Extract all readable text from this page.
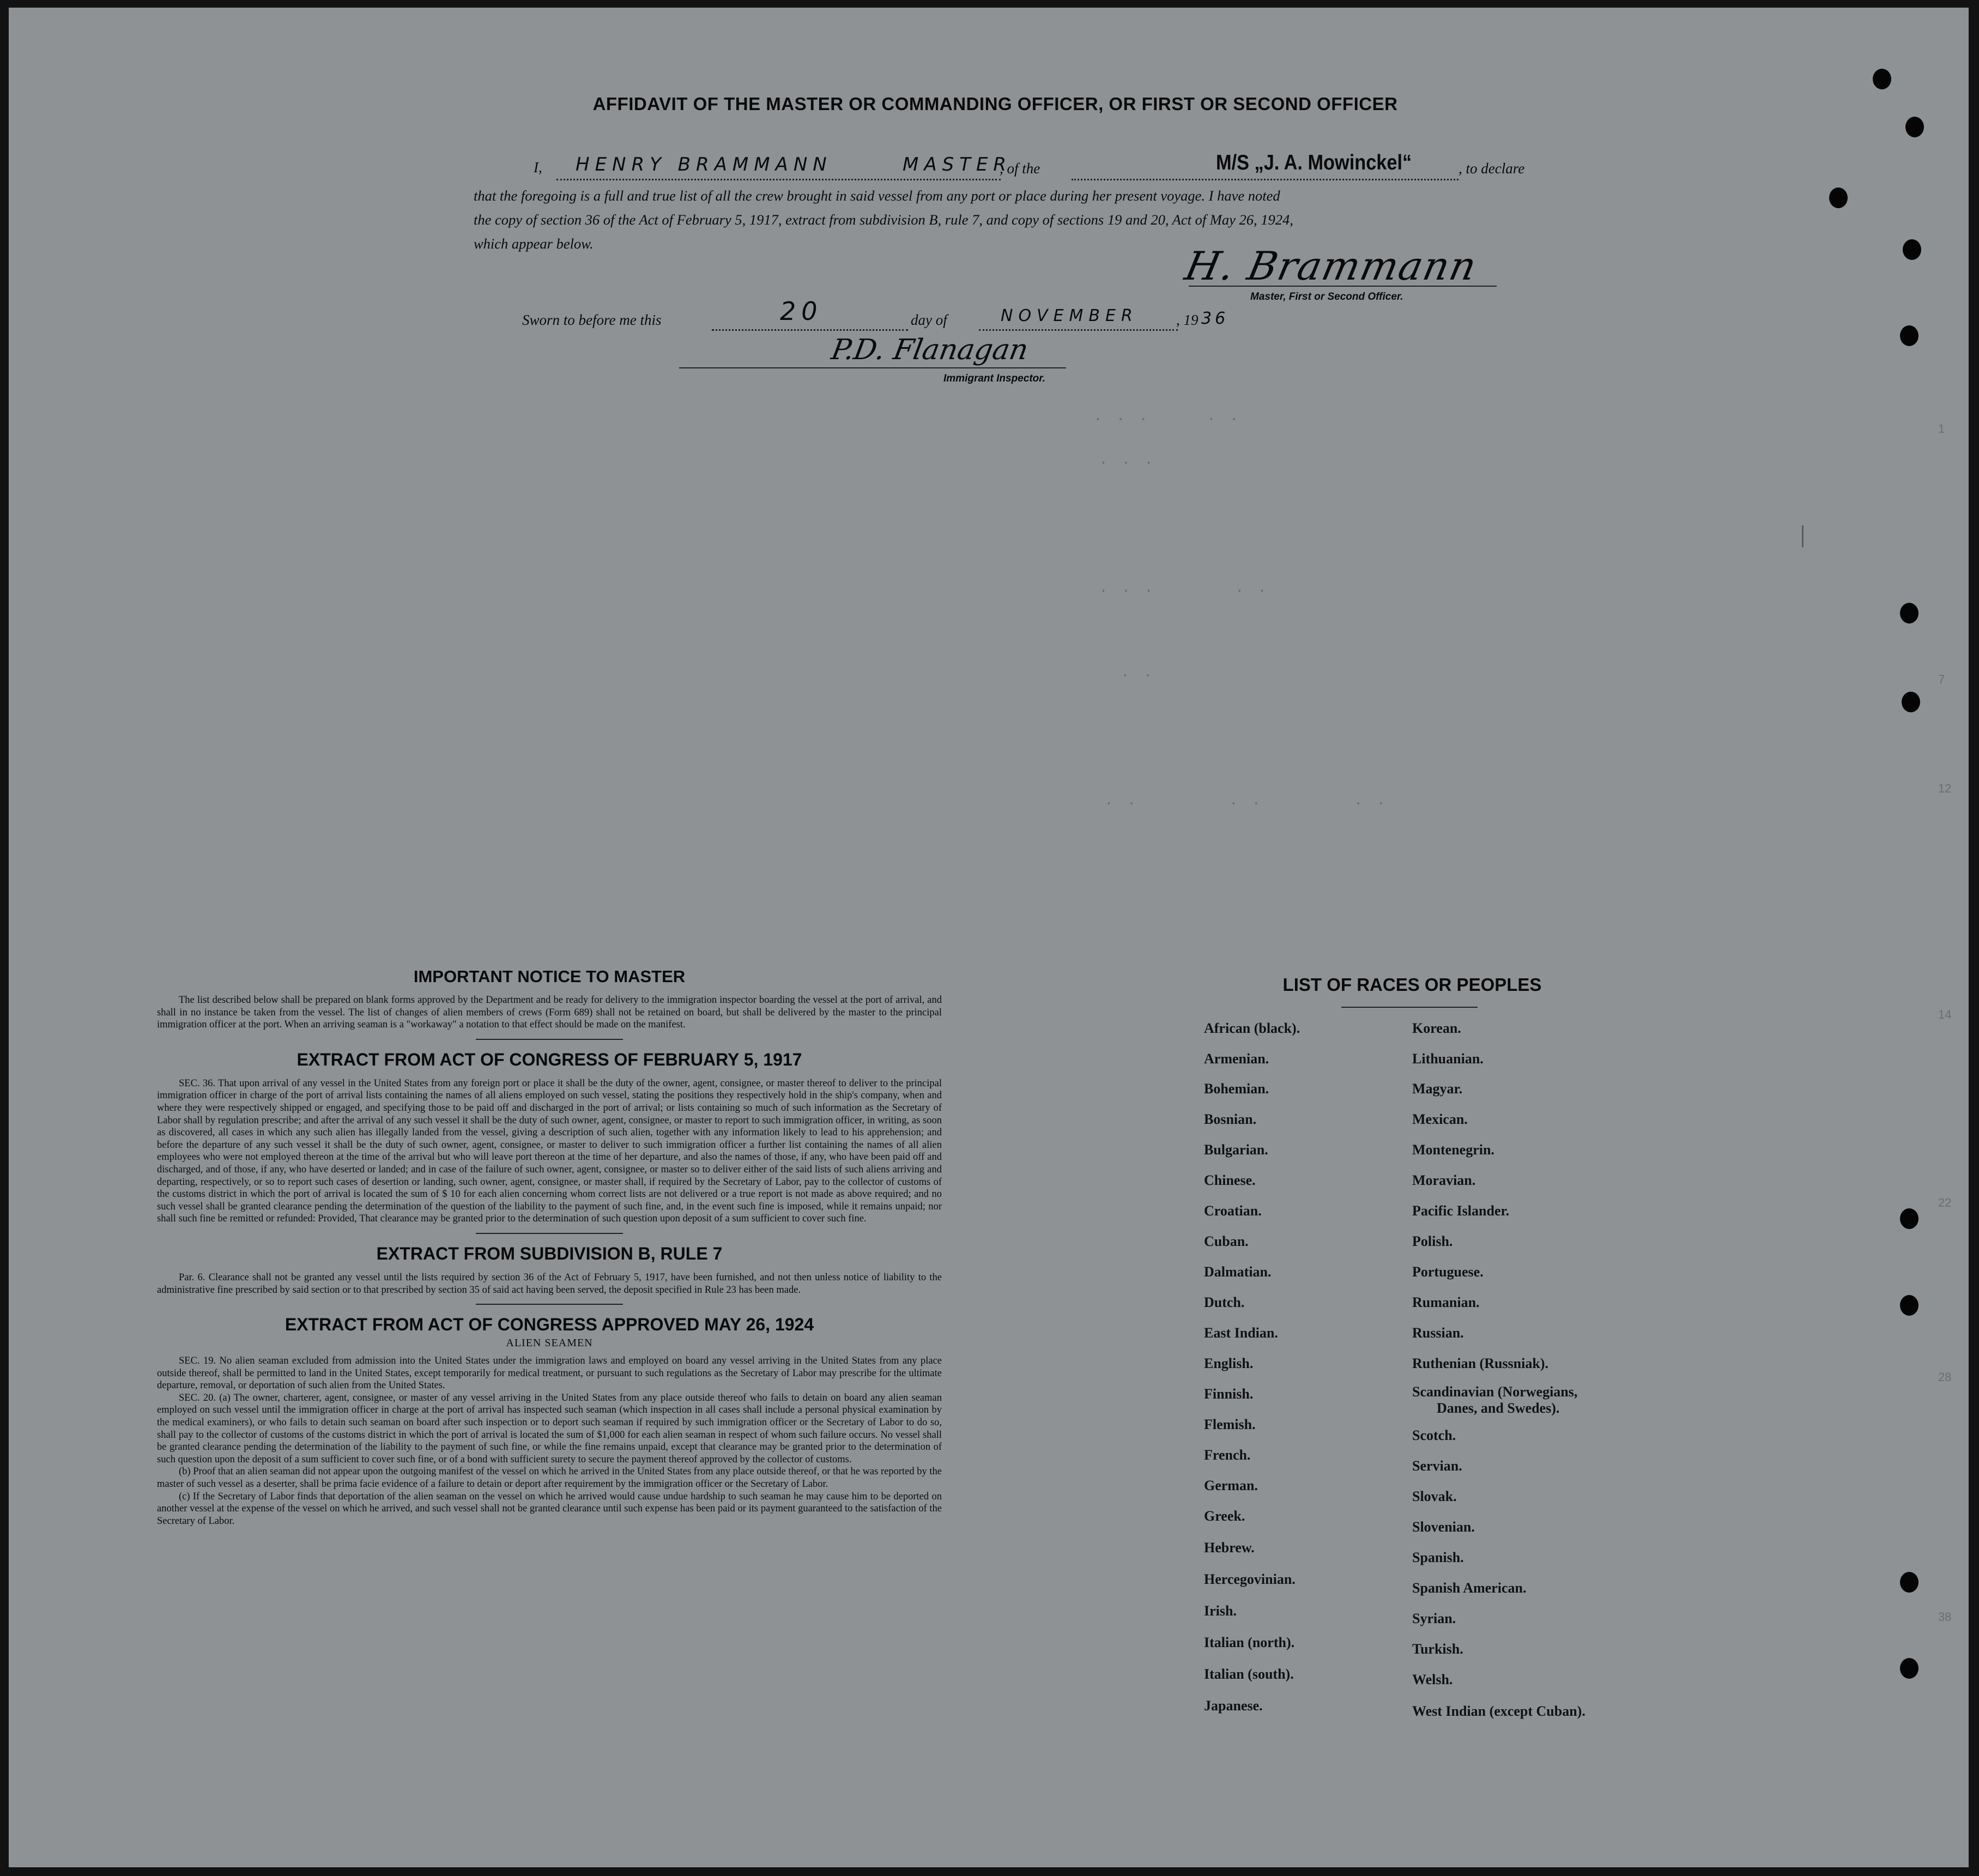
. . .     . .
. . .
. . .       . .
. .
. .        . .        . .
1
7
12
14
22
28
38
AFFIDAVIT OF THE MASTER OR COMMANDING OFFICER, OR FIRST OR SECOND OFFICER
I, HENRY BRAMMANN	MASTER
, of the	M/S „J. A. Mowinckel“	, to declare
that the foregoing is a full and true list of all the crew brought in said vessel from any port or place during her present voyage. I have noted
the copy of section 36 of the Act of February 5, 1917, extract from subdivision B, rule 7, and copy of sections 19 and 20, Act of May 26, 1924,
which appear below.	H. Brammann
Master, First or Second Officer.
Sworn to before me this	20	day of	NOVEMBER	, 19 36
P.D. Flanagan
Immigrant Inspector.
IMPORTANT NOTICE TO MASTER

The list described below shall be prepared on blank forms approved by the Department and be ready for delivery to the immigration inspector boarding the vessel at the port of arrival, and shall in no instance be taken from the vessel. The list of changes of alien members of crews (Form 689) shall not be retained on board, but shall be delivered by the master to the principal immigration officer at the port. When an arriving seaman is a "workaway" a notation to that effect should be made on the manifest.

EXTRACT FROM ACT OF CONGRESS OF FEBRUARY 5, 1917

SEC. 36. That upon arrival of any vessel in the United States from any foreign port or place it shall be the duty of the owner, agent, consignee, or master thereof to deliver to the principal immigration officer in charge of the port of arrival lists containing the names of all aliens employed on such vessel, stating the positions they respectively hold in the ship's company, when and where they were respectively shipped or engaged, and specifying those to be paid off and discharged in the port of arrival; or lists containing so much of such information as the Secretary of Labor shall by regulation prescribe; and after the arrival of any such vessel it shall be the duty of such owner, agent, consignee, or master to report to such immigration officer, in writing, as soon as discovered, all cases in which any such alien has illegally landed from the vessel, giving a description of such alien, together with any information likely to lead to his apprehension; and before the departure of any such vessel it shall be the duty of such owner, agent, consignee, or master to deliver to such immigration officer a further list containing the names of all alien employees who were not employed thereon at the time of the arrival but who will leave port thereon at the time of her departure, and also the names of those, if any, who have been paid off and discharged, and of those, if any, who have deserted or landed; and in case of the failure of such owner, agent, consignee, or master so to deliver either of the said lists of such aliens arriving and departing, respectively, or so to report such cases of desertion or landing, such owner, agent, consignee, or master shall, if required by the Secretary of Labor, pay to the collector of customs of the customs district in which the port of arrival is located the sum of $ 10 for each alien concerning whom correct lists are not delivered or a true report is not made as above required; and no such vessel shall be granted clearance pending the determination of the question of the liability to the payment of such fine, and, in the event such fine is imposed, while it remains unpaid; nor shall such fine be remitted or refunded: Provided, That clearance may be granted prior to the determination of such question upon deposit of a sum sufficient to cover such fine.

EXTRACT FROM SUBDIVISION B, RULE 7

Par. 6. Clearance shall not be granted any vessel until the lists required by section 36 of the Act of February 5, 1917, have been furnished, and not then unless notice of liability to the administrative fine prescribed by said section or to that prescribed by section 35 of said act having been served, the deposit specified in Rule 23 has been made.

EXTRACT FROM ACT OF CONGRESS APPROVED MAY 26, 1924
ALIEN SEAMEN

SEC. 19. No alien seaman excluded from admission into the United States under the immigration laws and employed on board any vessel arriving in the United States from any place outside thereof, shall be permitted to land in the United States, except temporarily for medical treatment, or pursuant to such regulations as the Secretary of Labor may prescribe for the ultimate departure, removal, or deportation of such alien from the United States.

SEC. 20. (a) The owner, charterer, agent, consignee, or master of any vessel arriving in the United States from any place outside thereof who fails to detain on board any alien seaman employed on such vessel until the immigration officer in charge at the port of arrival has inspected such seaman (which inspection in all cases shall include a personal physical examination by the medical examiners), or who fails to detain such seaman on board after such inspection or to deport such seaman if required by such immigration officer or the Secretary of Labor to do so, shall pay to the collector of customs of the customs district in which the port of arrival is located the sum of $1,000 for each alien seaman in respect of whom such failure occurs. No vessel shall be granted clearance pending the determination of the liability to the payment of such fine, or while the fine remains unpaid, except that clearance may be granted prior to the determination of such question upon the deposit of a sum sufficient to cover such fine, or of a bond with sufficient surety to secure the payment thereof approved by the collector of customs.

(b) Proof that an alien seaman did not appear upon the outgoing manifest of the vessel on which he arrived in the United States from any place outside thereof, or that he was reported by the master of such vessel as a deserter, shall be prima facie evidence of a failure to detain or deport after requirement by the immigration officer or the Secretary of Labor.

(c) If the Secretary of Labor finds that deportation of the alien seaman on the vessel on which he arrived would cause undue hardship to such seaman he may cause him to be deported on another vessel at the expense of the vessel on which he arrived, and such vessel shall not be granted clearance until such expense has been paid or its payment guaranteed to the satisfaction of the Secretary of Labor.

LIST OF RACES OR PEOPLES
African (black).
Armenian.
Bohemian.
Bosnian.
Bulgarian.
Chinese.
Croatian.
Cuban.
Dalmatian.
Dutch.
East Indian.
English.
Finnish.
Flemish.
French.
German.
Greek.
Hebrew.
Hercegovinian.
Irish.
Italian (north).
Italian (south).
Japanese.
Korean.
Lithuanian.
Magyar.
Mexican.
Montenegrin.
Moravian.
Pacific Islander.
Polish.
Portuguese.
Rumanian.
Russian.
Ruthenian (Russniak).
Scandinavian (Norwegians,
Danes, and Swedes).
Scotch.
Servian.
Slovak.
Slovenian.
Spanish.
Spanish American.
Syrian.
Turkish.
Welsh.
West Indian (except Cuban).
